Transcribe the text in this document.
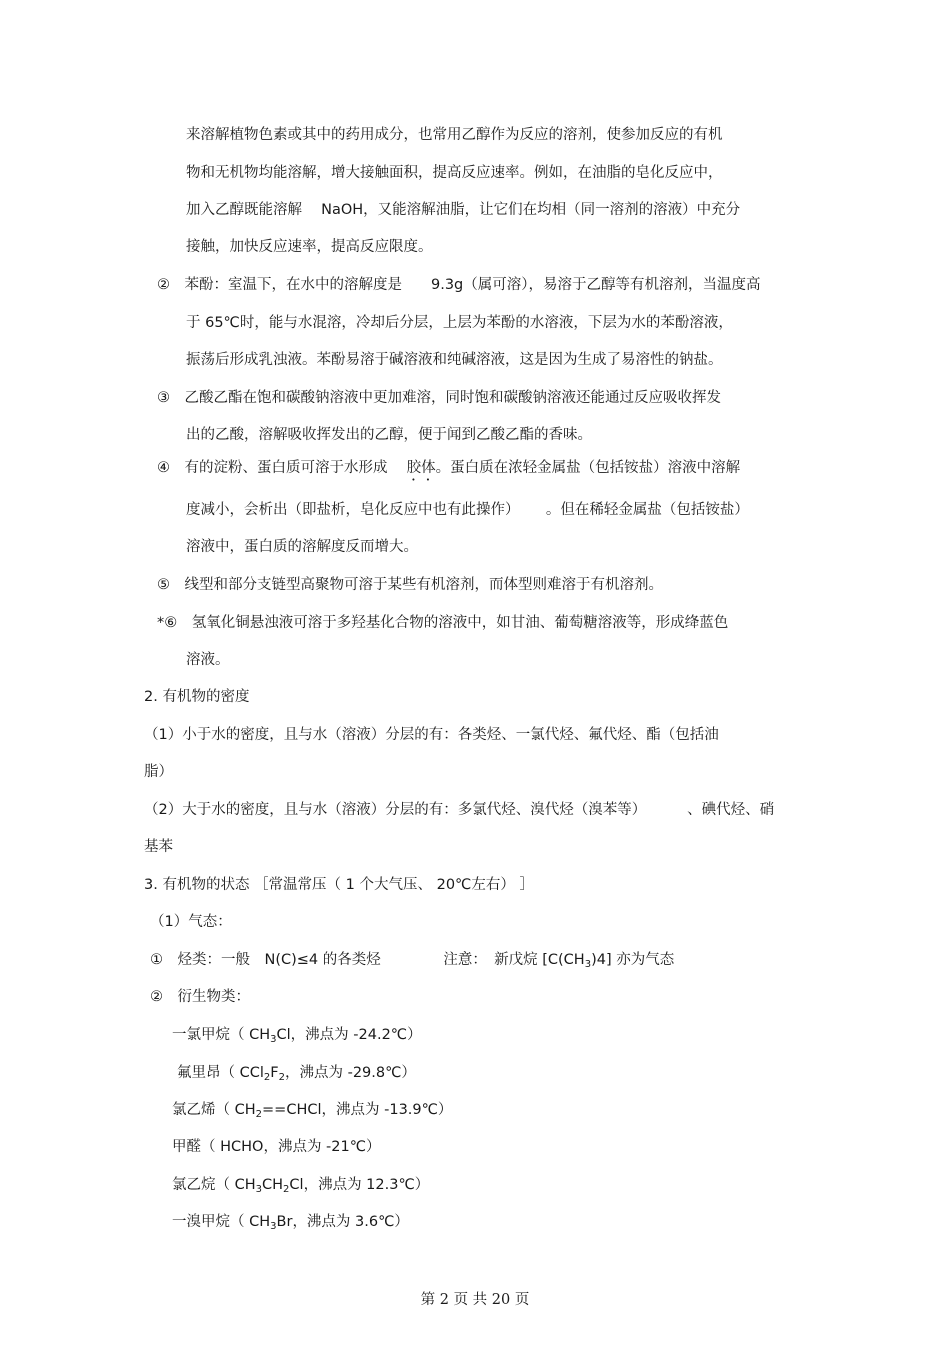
来溶解植物色素或其中的药用成分，也常用乙醇作为反应的溶剂，使参加反应的有机
物和无机物均能溶解，增大接触面积，提高反应速率。例如，在油脂的皂化反应中，
加入乙醇既能溶解　 NaOH，又能溶解油脂，让它们在均相（同一溶剂的溶液）中充分
接触，加快反应速率，提高反应限度。
②　苯酚：室温下，在水中的溶解度是　　9.3g（属可溶），易溶于乙醇等有机溶剂，当温度高
于 65℃时，能与水混溶，冷却后分层，上层为苯酚的水溶液，下层为水的苯酚溶液，
振荡后形成乳浊液。苯酚易溶于碱溶液和纯碱溶液，这是因为生成了易溶性的钠盐。
③　乙酸乙酯在饱和碳酸钠溶液中更加难溶，同时饱和碳酸钠溶液还能通过反应吸收挥发
出的乙酸，溶解吸收挥发出的乙醇，便于闻到乙酸乙酯的香味。
④　有的淀粉、蛋白质可溶于水形成　 胶体。蛋白质在浓轻金属盐（包括铵盐）溶液中溶解
度减小，会析出（即盐析，皂化反应中也有此操作）　　 。但在稀轻金属盐（包括铵盐）
溶液中，蛋白质的溶解度反而增大。
⑤　线型和部分支链型高聚物可溶于某些有机溶剂，而体型则难溶于有机溶剂。
*⑥　氢氧化铜悬浊液可溶于多羟基化合物的溶液中，如甘油、葡萄糖溶液等，形成绛蓝色
溶液。
2. 有机物的密度
（1）小于水的密度，且与水（溶液）分层的有：各类烃、一氯代烃、氟代烃、酯（包括油
脂）
（2）大于水的密度，且与水（溶液）分层的有：多氯代烃、溴代烃（溴苯等）　　　 、碘代烃、硝
基苯
3. 有机物的状态 ［常温常压（ 1 个大气压、 20℃左右） ］
（1）气态：
①　烃类：一般　N(C)≤4 的各类烃　　　　 注意：　新戊烷 $[C(CH_3)4]$ 亦为气态
②　衍生物类：
一氯甲烷（ $CH_3Cl$，沸点为 -24.2℃）
氟里昂（ $CCl_2F_2$，沸点为 -29.8℃）
氯乙烯（ $CH_2==CHCl$，沸点为 -13.9℃）
甲醛（ HCHO，沸点为 -21℃）
氯乙烷（ $CH_3CH_2Cl$，沸点为 12.3℃）
一溴甲烷（ $CH_3Br$，沸点为 3.6℃）
第 2 页 共 20 页
